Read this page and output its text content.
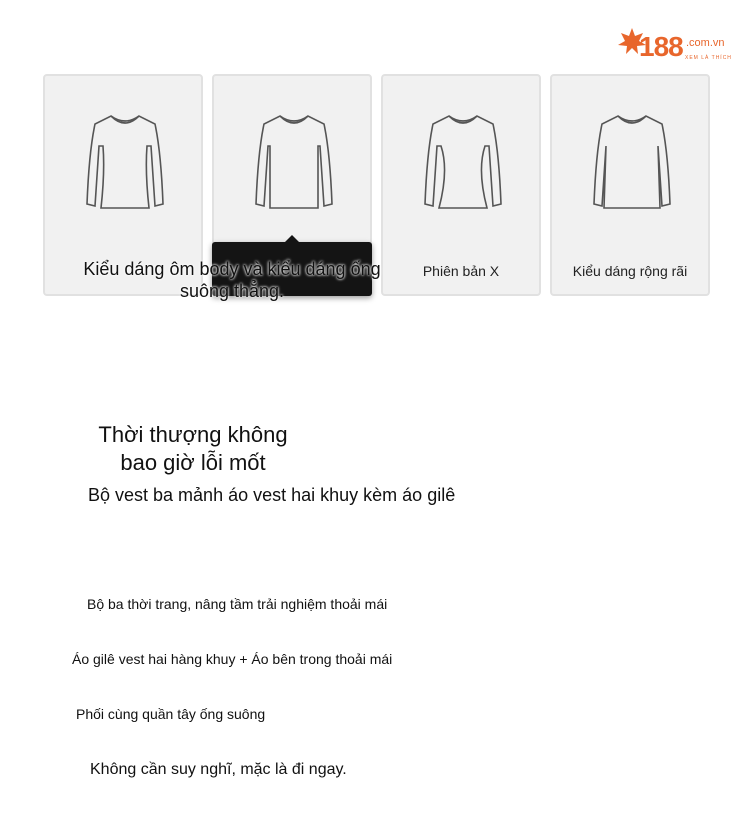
188 .com.vn
XEM LÀ THÍCH
Phiên bản X	Kiểu dáng rộng rãi
Kiểu dáng ôm body và kiểu dáng ống suông thẳng.
Thời thượng không
bao giờ lỗi mốt
Bộ vest ba mảnh áo vest hai khuy kèm áo gilê
Bộ ba thời trang, nâng tầm trải nghiệm thoải mái
Áo gilê vest hai hàng khuy + Áo bên trong thoải mái
Phối cùng quần tây ống suông
Không cần suy nghĩ, mặc là đi ngay.
